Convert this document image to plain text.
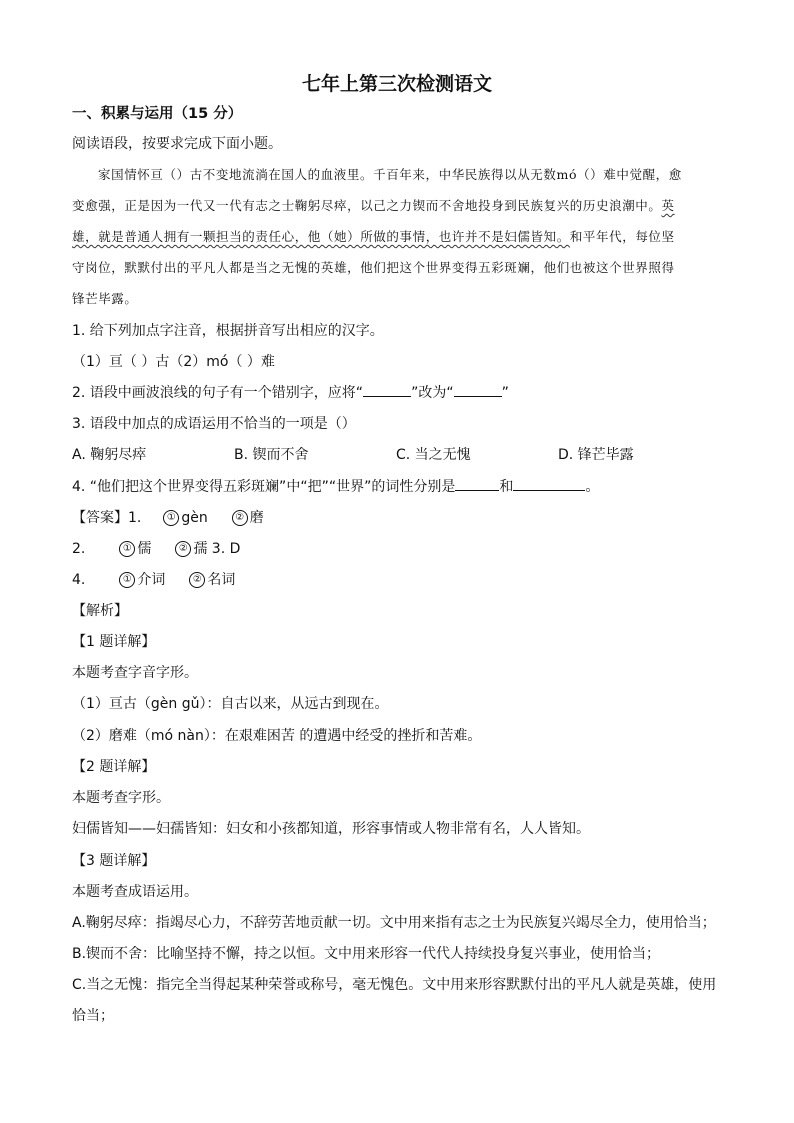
七年上第三次检测语文
一、积累与运用（15 分）
阅读语段，按要求完成下面小题。
家国情怀亘（）古不变地流淌在国人的血液里。千百年来，中华民族得以从无数mó（）难中觉醒，愈
变愈强，正是因为一代又一代有志之士鞠躬尽瘁，以己之力锲而不舍地投身到民族复兴的历史浪潮中。英
雄，就是普通人拥有一颗担当的责任心，他（她）所做的事情，也许并不是妇儒皆知。和平年代，每位坚
守岗位，默默付出的平凡人都是当之无愧的英雄，他们把这个世界变得五彩斑斓，他们也被这个世界照得
锋芒毕露。
1. 给下列加点字注音，根据拼音写出相应的汉字。
（1）亘（ ）古（2）mó（ ）难
2. 语段中画波浪线的句子有一个错别字，应将“	”改为“	”
3. 语段中加点的成语运用不恰当的一项是（）
A. 鞠躬尽瘁	B. 锲而不舍	C. 当之无愧	D. 锋芒毕露
4. “他们把这个世界变得五彩斑斓”中“把”“世界”的词性分别是	和	。
【答案】1.	① gèn	② 磨
2.	① 儒	② 孺 3. D
4.	① 介词	② 名词
【解析】
【1 题详解】
本题考查字音字形。
（1）亘古（gèn gǔ）：自古以来，从远古到现在。
（2）磨难（mó nàn）：在艰难困苦 的遭遇中经受的挫折和苦难。
【2 题详解】
本题考查字形。
妇儒皆知——妇孺皆知：妇女和小孩都知道，形容事情或人物非常有名，人人皆知。
【3 题详解】
本题考查成语运用。
A.鞠躬尽瘁：指竭尽心力，不辞劳苦地贡献一切。文中用来指有志之士为民族复兴竭尽全力，使用恰当；
B.锲而不舍：比喻坚持不懈，持之以恒。文中用来形容一代代人持续投身复兴事业，使用恰当；
C.当之无愧：指完全当得起某种荣誉或称号，毫无愧色。文中用来形容默默付出的平凡人就是英雄，使用
恰当；
